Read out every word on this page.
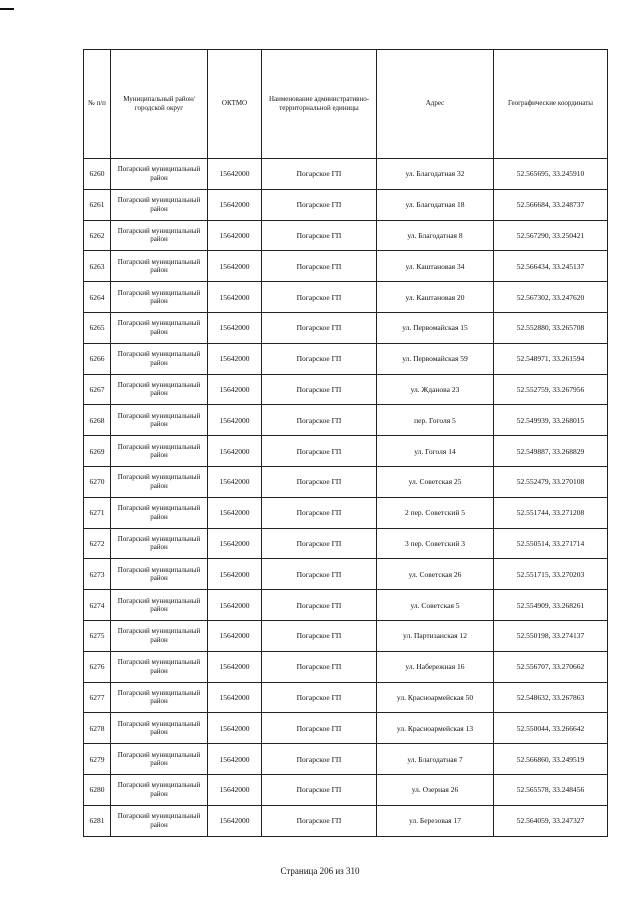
№ п/п	Муниципальный район/городской округ	ОКТМО	Наименование административно-территориальной единицы	Адрес	Географические координаты
6260	Погарский муниципальный район	15642000	Погарское ГП	ул. Благодатная 32	52.565695, 33.245910
6261	Погарский муниципальный район	15642000	Погарское ГП	ул. Благодатная 18	52.566684, 33.248737
6262	Погарский муниципальный район	15642000	Погарское ГП	ул. Благодатная 8	52.567290, 33.250421
6263	Погарский муниципальный район	15642000	Погарское ГП	ул. Каштановая 34	52.566434, 33.245137
6264	Погарский муниципальный район	15642000	Погарское ГП	ул. Каштановая 20	52.567302, 33.247620
6265	Погарский муниципальный район	15642000	Погарское ГП	ул. Первомайская 15	52.552880, 33.265708
6266	Погарский муниципальный район	15642000	Погарское ГП	ул. Первомайская 59	52.548971, 33.261594
6267	Погарский муниципальный район	15642000	Погарское ГП	ул. Жданова 23	52.552759, 33.267956
6268	Погарский муниципальный район	15642000	Погарское ГП	пер. Гоголя 5	52.549939, 33.268015
6269	Погарский муниципальный район	15642000	Погарское ГП	ул. Гоголя 14	52.549887, 33.268829
6270	Погарский муниципальный район	15642000	Погарское ГП	ул. Советская 25	52.552479, 33.270108
6271	Погарский муниципальный район	15642000	Погарское ГП	2 пер. Советский 5	52.551744, 33.271208
6272	Погарский муниципальный район	15642000	Погарское ГП	3 пер. Советский 3	52.550514, 33.271714
6273	Погарский муниципальный район	15642000	Погарское ГП	ул. Советская 26	52.551715, 33.270203
6274	Погарский муниципальный район	15642000	Погарское ГП	ул. Советская 5	52.554909, 33.268261
6275	Погарский муниципальный район	15642000	Погарское ГП	ул. Партизанская 12	52.550198, 33.274137
6276	Погарский муниципальный район	15642000	Погарское ГП	ул. Набережная 16	52.556707, 33.270662
6277	Погарский муниципальный район	15642000	Погарское ГП	ул. Красноармейская 50	52.548632, 33.267863
6278	Погарский муниципальный район	15642000	Погарское ГП	ул. Красноармейская 13	52.550044, 33.266642
6279	Погарский муниципальный район	15642000	Погарское ГП	ул. Благодатная 7	52.566860, 33.249519
6280	Погарский муниципальный район	15642000	Погарское ГП	ул. Озерная 26	52.565578, 33.248456
6281	Погарский муниципальный район	15642000	Погарское ГП	ул. Березовая 17	52.564059, 33.247327
Страница 206 из 310
